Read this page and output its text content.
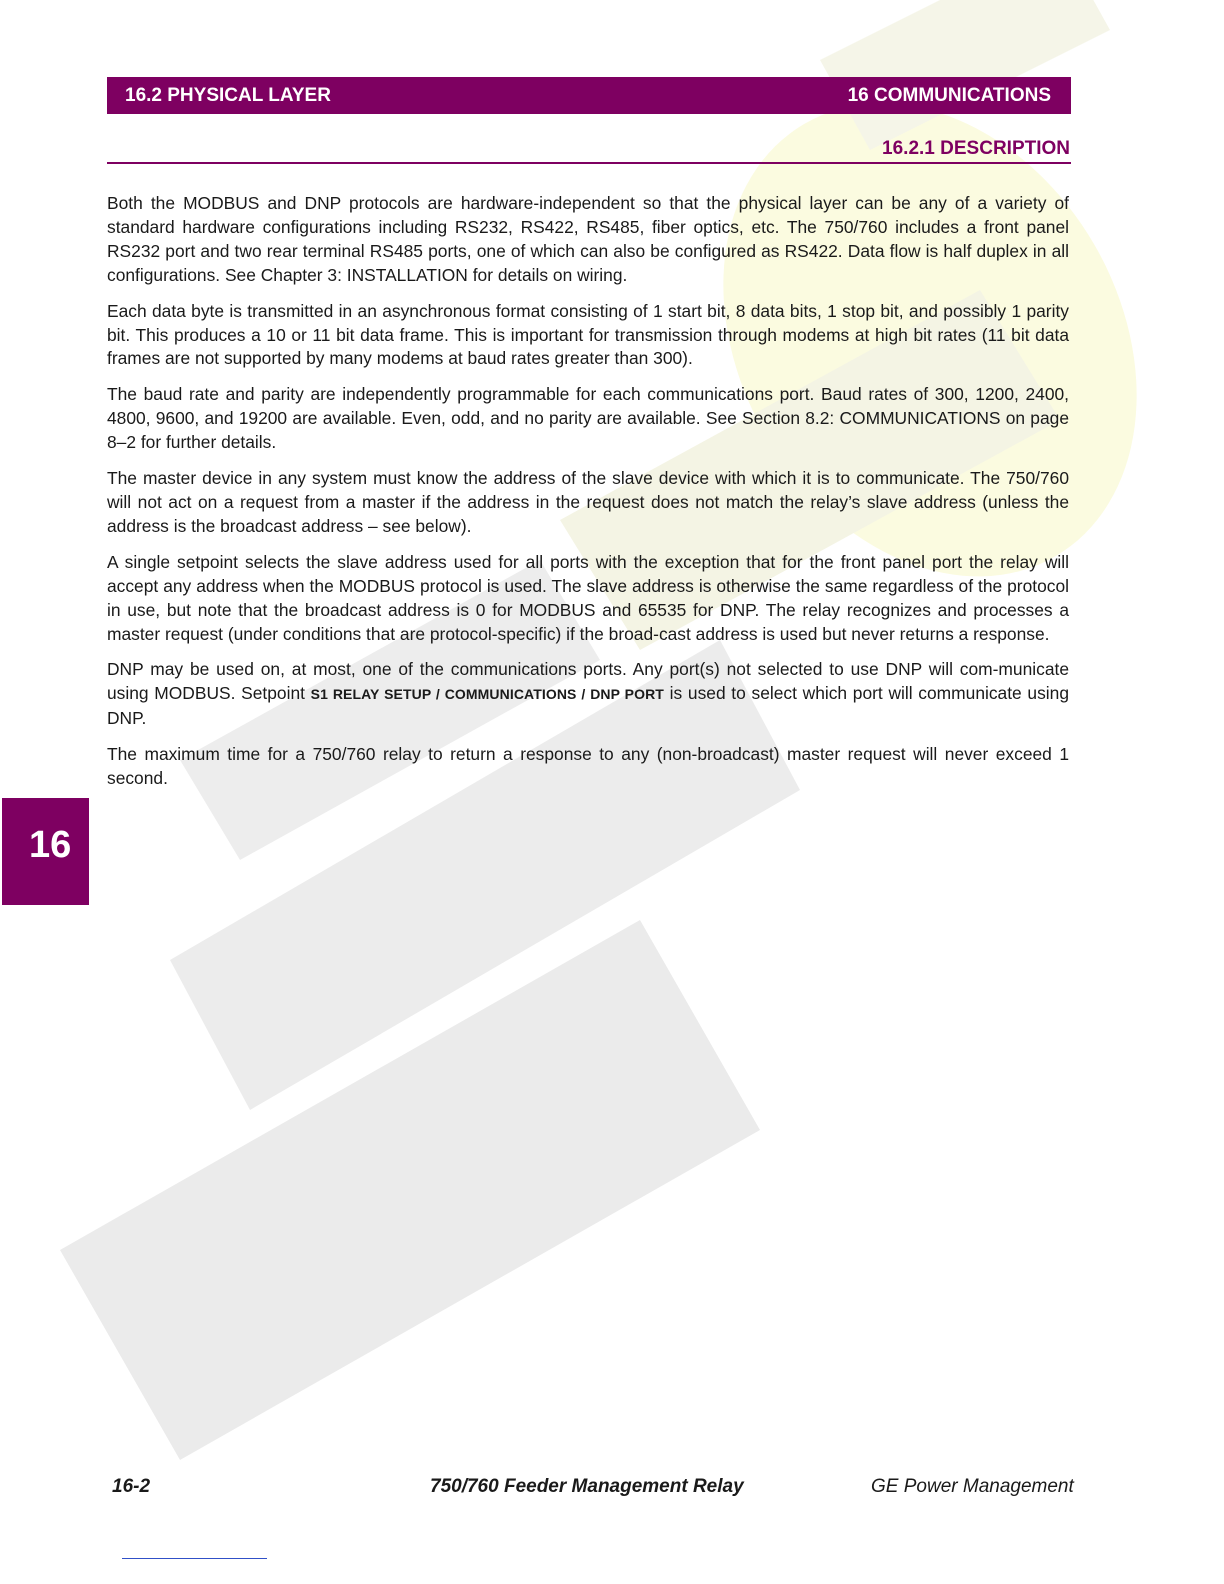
16.2 PHYSICAL LAYER	16 COMMUNICATIONS
16.2.1 DESCRIPTION

Both the MODBUS and DNP protocols are hardware-independent so that the physical layer can be any of a variety of standard hardware configurations including RS232, RS422, RS485, fiber optics, etc. The 750/760 includes a front panel RS232 port and two rear terminal RS485 ports, one of which can also be configured as RS422. Data flow is half duplex in all configurations. See Chapter 3: INSTALLATION for details on wiring.

Each data byte is transmitted in an asynchronous format consisting of 1 start bit, 8 data bits, 1 stop bit, and possibly 1 parity bit. This produces a 10 or 11 bit data frame. This is important for transmission through modems at high bit rates (11 bit data frames are not supported by many modems at baud rates greater than 300).

The baud rate and parity are independently programmable for each communications port. Baud rates of 300, 1200, 2400, 4800, 9600, and 19200 are available. Even, odd, and no parity are available. See Section 8.2: COMMUNICATIONS on page 8–2 for further details.

The master device in any system must know the address of the slave device with which it is to communicate. The 750/760 will not act on a request from a master if the address in the request does not match the relay’s slave address (unless the address is the broadcast address – see below).

A single setpoint selects the slave address used for all ports with the exception that for the front panel port the relay will accept any address when the MODBUS protocol is used. The slave address is otherwise the same regardless of the protocol in use, but note that the broadcast address is 0 for MODBUS and 65535 for DNP. The relay recognizes and processes a master request (under conditions that are protocol-specific) if the broad-cast address is used but never returns a response.

DNP may be used on, at most, one of the communications ports. Any port(s) not selected to use DNP will com-municate using MODBUS. Setpoint S1 RELAY SETUP / COMMUNICATIONS / DNP PORT is used to select which port will communicate using DNP.

The maximum time for a 750/760 relay to return a response to any (non-broadcast) master request will never exceed 1 second.

16
16-2	750/760 Feeder Management Relay	GE Power Management
